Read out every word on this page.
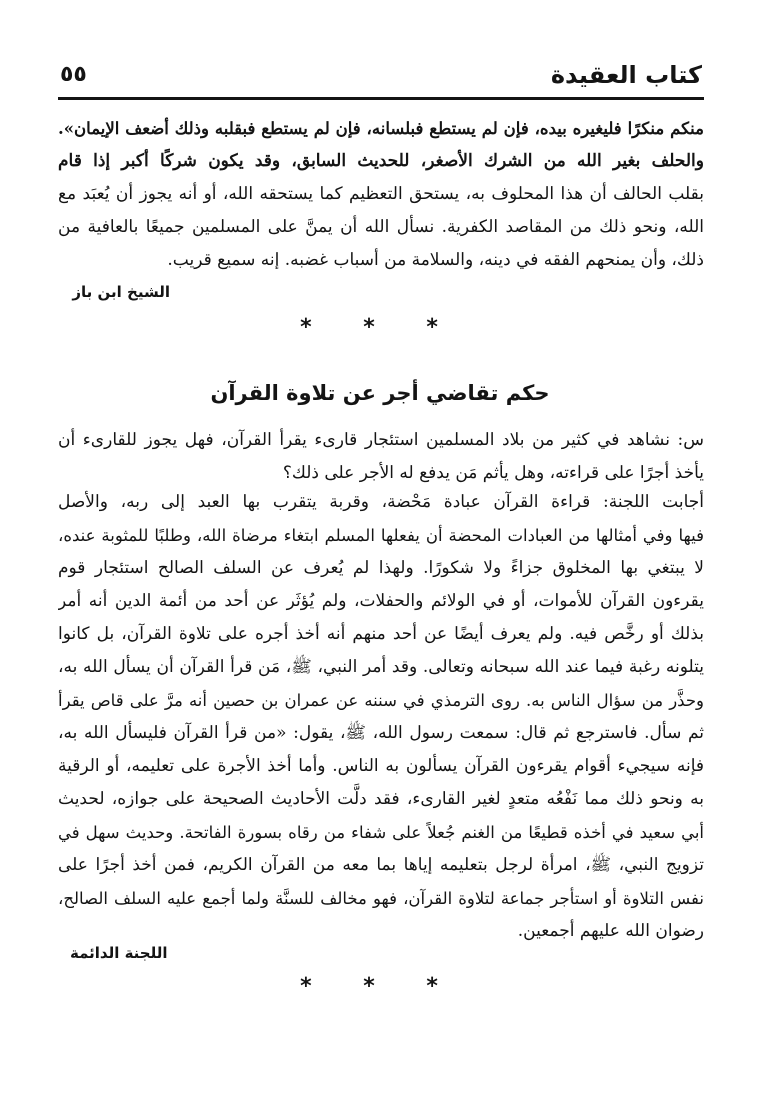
كتاب العقيدة
٥٥
منكم منكرًا فليغيره بيده، فإن لم يستطع فبلسانه، فإن لم يستطع فبقلبه وذلك أضعف الإيمان».
والحلف بغير الله من الشرك الأصغر، للحديث السابق، وقد يكون شركًا أكبر إذا قام
بقلب الحالف أن هذا المحلوف به، يستحق التعظيم كما يستحقه الله، أو أنه يجوز أن يُعبَد مع
الله، ونحو ذلك من المقاصد الكفرية. نسأل الله أن يمنَّ على المسلمين جميعًا بالعافية من
ذلك، وأن يمنحهم الفقه في دينه، والسلامة من أسباب غضبه. إنه سميع قريب.
الشيخ ابن باز
* * *
حكم تقاضي أجر عن تلاوة القرآن
س: نشاهد في كثير من بلاد المسلمين استئجار قارىء يقرأ القرآن، فهل يجوز للقارىء أن
يأخذ أجرًا على قراءته، وهل يأثم مَن يدفع له الأجر على ذلك؟
أجابت اللجنة: قراءة القرآن عبادة مَحْضة، وقربة يتقرب بها العبد إلى ربه، والأصل
فيها وفي أمثالها من العبادات المحضة أن يفعلها المسلم ابتغاء مرضاة الله، وطلبًا للمثوبة عنده،
لا يبتغي بها المخلوق جزاءً ولا شكورًا. ولهذا لم يُعرف عن السلف الصالح استئجار قوم
يقرءون القرآن للأموات، أو في الولائم والحفلات، ولم يُؤثَر عن أحد من أئمة الدين أنه أمر
بذلك أو رخَّص فيه. ولم يعرف أيضًا عن أحد منهم أنه أخذ أجره على تلاوة القرآن، بل كانوا
يتلونه رغبة فيما عند الله سبحانه وتعالى. وقد أمر النبي، ﷺ، مَن قرأ القرآن أن يسأل الله به،
وحذَّر من سؤال الناس به. روى الترمذي في سننه عن عمران بن حصين أنه مرَّ على قاص يقرأ
ثم سأل. فاسترجع ثم قال: سمعت رسول الله، ﷺ، يقول: «من قرأ القرآن فليسأل الله به،
فإنه سيجيء أقوام يقرءون القرآن يسألون به الناس. وأما أخذ الأجرة على تعليمه، أو الرقية
به ونحو ذلك مما نَفْعُه متعدٍ لغير القارىء، فقد دلَّت الأحاديث الصحيحة على جوازه، لحديث
أبي سعيد في أخذه قطيعًا من الغنم جُعلاً على شفاء من رقاه بسورة الفاتحة. وحديث سهل في
تزويج النبي، ﷺ، امرأة لرجل بتعليمه إياها بما معه من القرآن الكريم، فمن أخذ أجرًا على
نفس التلاوة أو استأجر جماعة لتلاوة القرآن، فهو مخالف للسنَّة ولما أجمع عليه السلف الصالح،
رضوان الله عليهم أجمعين.
اللجنة الدائمة
* * *
